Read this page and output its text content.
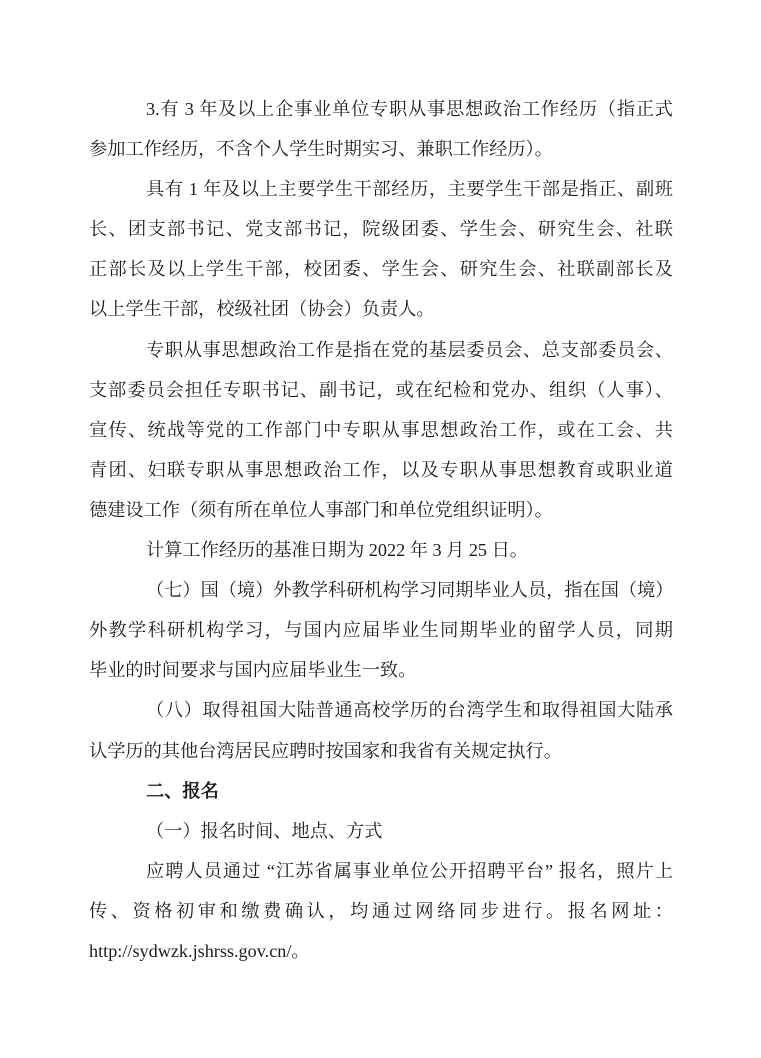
3.有 3 年及以上企事业单位专职从事思想政治工作经历（指正式
参加工作经历，不含个人学生时期实习、兼职工作经历）。
具有 1 年及以上主要学生干部经历，主要学生干部是指正、副班
长、团支部书记、党支部书记，院级团委、学生会、研究生会、社联
正部长及以上学生干部，校团委、学生会、研究生会、社联副部长及
以上学生干部，校级社团（协会）负责人。
专职从事思想政治工作是指在党的基层委员会、总支部委员会、
支部委员会担任专职书记、副书记，或在纪检和党办、组织（人事）、
宣传、统战等党的工作部门中专职从事思想政治工作，或在工会、共
青团、妇联专职从事思想政治工作，以及专职从事思想教育或职业道
德建设工作（须有所在单位人事部门和单位党组织证明）。
计算工作经历的基准日期为 2022 年 3 月 25 日。
（七）国（境）外教学科研机构学习同期毕业人员，指在国（境）
外教学科研机构学习，与国内应届毕业生同期毕业的留学人员，同期
毕业的时间要求与国内应届毕业生一致。
（八）取得祖国大陆普通高校学历的台湾学生和取得祖国大陆承
认学历的其他台湾居民应聘时按国家和我省有关规定执行。
二、报名
（一）报名时间、地点、方式
应聘人员通过 “江苏省属事业单位公开招聘平台” 报名，照片上
传、资格初审和缴费确认，均通过网络同步进行。报名网址：
http://sydwzk.jshrss.gov.cn/。
